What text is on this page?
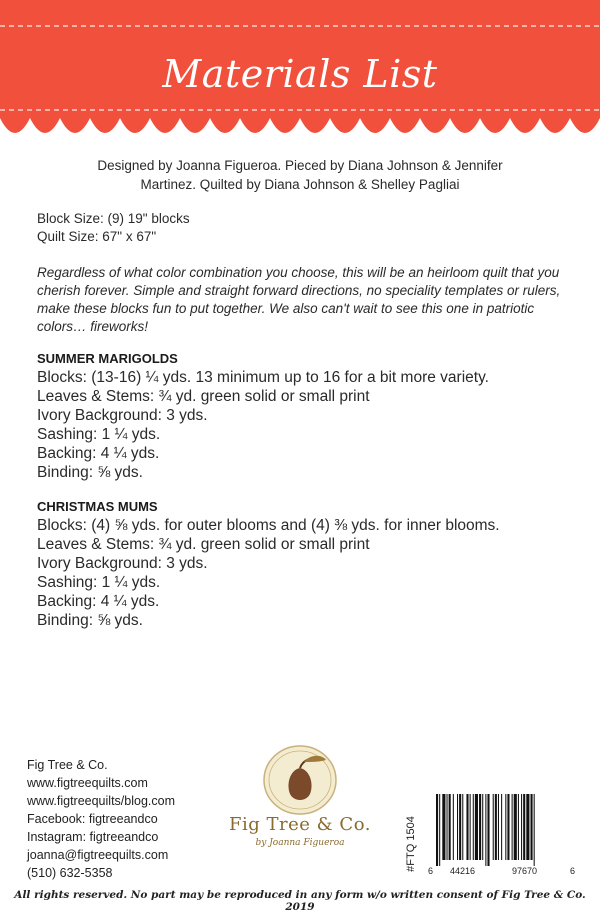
Materials List
Designed by Joanna Figueroa. Pieced by Diana Johnson & Jennifer
Martinez. Quilted by Diana Johnson & Shelley Pagliai
Block Size: (9) 19" blocks
Quilt Size: 67" x 67"
Regardless of what color combination you choose, this will be an heirloom quilt that you cherish forever. Simple and straight forward directions, no speciality templates or rulers, make these blocks fun to put together. We also can't wait to see this one in patriotic colors… fireworks!
SUMMER MARIGOLDS
Blocks: (13-16) ¼ yds. 13 minimum up to 16 for a bit more variety.
Leaves & Stems: ¾ yd. green solid or small print
Ivory Background: 3 yds.
Sashing: 1 ¼ yds.
Backing: 4 ¼ yds.
Binding: ⅝ yds.
CHRISTMAS MUMS
Blocks: (4) ⅝ yds. for outer blooms and (4) ⅜ yds. for inner blooms.
Leaves & Stems: ¾ yd. green solid or small print
Ivory Background: 3 yds.
Sashing: 1 ¼ yds.
Backing: 4 ¼ yds.
Binding: ⅝ yds.
Fig Tree & Co.
www.figtreequilts.com
www.figtreequilts/blog.com
Facebook: figtreeandco
Instagram: figtreeandco
joanna@figtreequilts.com
(510) 632-5358
Fig Tree & Co.
by Joanna Figueroa	#FTQ 1504 6 44216	97670	6
All rights reserved. No part may be reproduced in any form w/o written consent of Fig Tree & Co. 2019
